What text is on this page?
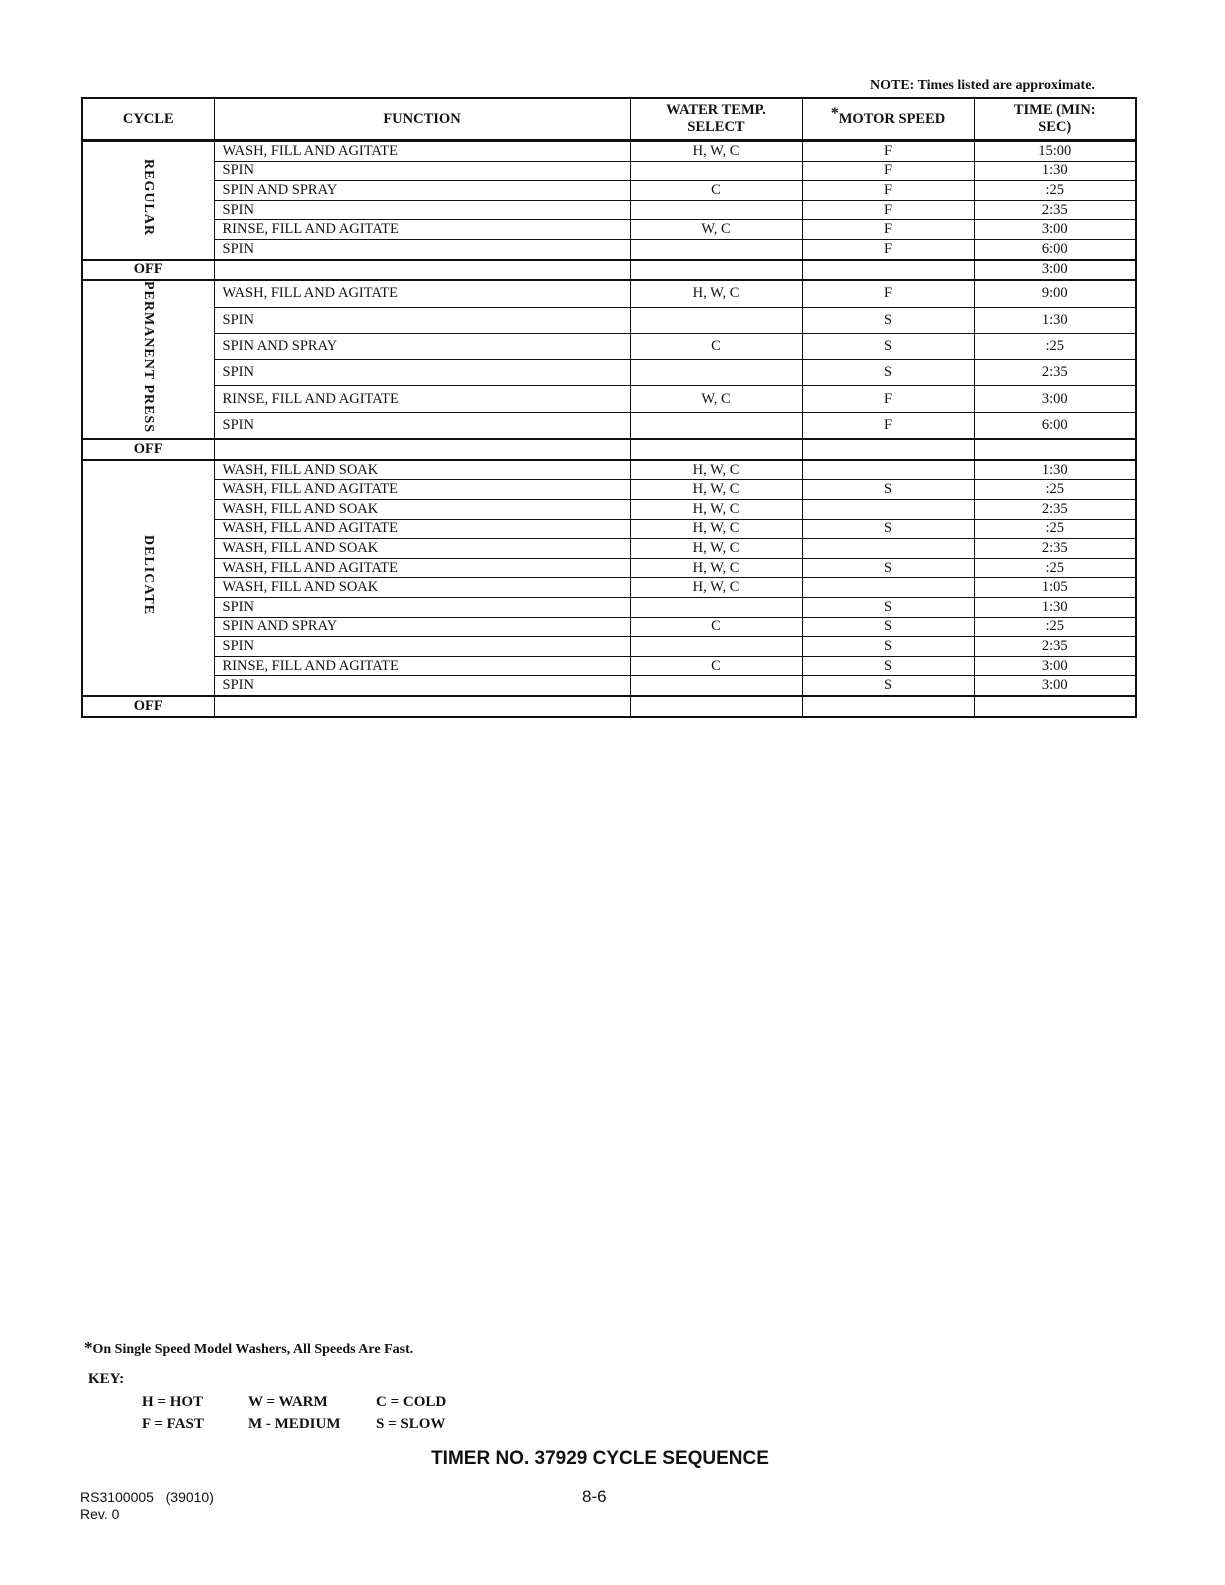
NOTE: Times listed are approximate.
CYCLE	FUNCTION	WATER TEMP. SELECT	*MOTOR SPEED	TIME (MIN: SEC)
REGULAR	WASH, FILL AND AGITATE	H, W, C	F	15:00
	SPIN		F	1:30
	SPIN AND SPRAY	C	F	:25
	SPIN		F	2:35
	RINSE, FILL AND AGITATE	W, C	F	3:00
	SPIN		F	6:00
OFF				3:00
PERMANENT PRESS	WASH, FILL AND AGITATE	H, W, C	F	9:00
	SPIN		S	1:30
	SPIN AND SPRAY	C	S	:25
	SPIN		S	2:35
	RINSE, FILL AND AGITATE	W, C	F	3:00
	SPIN		F	6:00
OFF				
DELICATE	WASH, FILL AND SOAK	H, W, C		1:30
	WASH, FILL AND AGITATE	H, W, C	S	:25
	WASH, FILL AND SOAK	H, W, C		2:35
	WASH, FILL AND AGITATE	H, W, C	S	:25
	WASH, FILL AND SOAK	H, W, C		2:35
	WASH, FILL AND AGITATE	H, W, C	S	:25
	WASH, FILL AND SOAK	H, W, C		1:05
	SPIN		S	1:30
	SPIN AND SPRAY	C	S	:25
	SPIN		S	2:35
	RINSE, FILL AND AGITATE	C	S	3:00
	SPIN		S	3:00
OFF				
*On Single Speed Model Washers, All Speeds Are Fast.
KEY:
H = HOT	W = WARM	C = COLD
F = FAST	M - MEDIUM S = SLOW
TIMER NO. 37929 CYCLE SEQUENCE
RS3100005   (39010)
Rev. 0
8-6
